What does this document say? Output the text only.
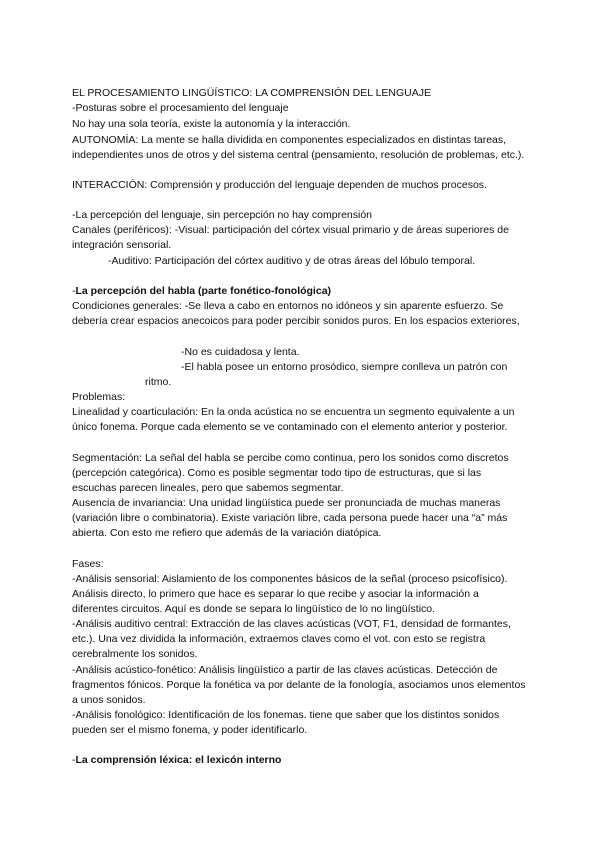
EL PROCESAMIENTO LINGÜÍSTICO: LA COMPRENSIÓN DEL LENGUAJE

-Posturas sobre el procesamiento del lenguaje

No hay una sola teoría, existe la autonomía y la interacción.

AUTONOMÍA: La mente se halla dividida en componentes especializados en distintas tareas, independientes unos de otros y del sistema central (pensamiento, resolución de problemas, etc.).

INTERACCIÓN: Comprensión y producción del lenguaje dependen de muchos procesos.

-La percepción del lenguaje, sin percepción no hay comprensión

Canales (periféricos): -Visual: participación del córtex visual primario y de áreas superiores de integración sensorial.

-Auditivo: Participación del córtex auditivo y de otras áreas del lóbulo temporal.

-La percepción del habla (parte fonético-fonológica)

Condiciones generales: -Se lleva a cabo en entornos no idóneos y sin aparente esfuerzo. Se debería crear espacios anecoicos para poder percibir sonidos puros. En los espacios exteriores,

-No es cuidadosa y lenta.

-El habla posee un entorno prosódico, siempre conlleva un patrón con

ritmo.

Problemas:

Linealidad y coarticulación: En la onda acústica no se encuentra un segmento equivalente a un único fonema. Porque cada elemento se ve contaminado con el elemento anterior y posterior.

Segmentación: La señal del habla se percibe como continua, pero los sonidos como discretos (percepción categórica). Como es posible segmentar todo tipo de estructuras, que si las escuchas parecen lineales, pero que sabemos segmentar.

Ausencia de invariancia: Una unidad lingüística puede ser pronunciada de muchas maneras (variación libre o combinatoria). Existe variación libre, cada persona puede hacer una “a” más abierta. Con esto me refiero que además de la variación diatópica.

Fases:

-Análisis sensorial: Aislamiento de los componentes básicos de la señal (proceso psicofísico). Análisis directo, lo primero que hace es separar lo que recibe y asociar la información a diferentes circuitos. Aquí es donde se separa lo lingüístico de lo no lingüístico.

-Análisis auditivo central: Extracción de las claves acústicas (VOT, F1, densidad de formantes, etc.). Una vez dividida la información, extraemos claves como el vot. con esto se registra cerebralmente los sonidos.

-Análisis acústico-fonético: Análisis lingüístico a partir de las claves acústicas. Detección de fragmentos fónicos. Porque la fonética va por delante de la fonología, asociamos unos elementos a unos sonidos.

-Análisis fonológico: Identificación de los fonemas. tiene que saber que los distintos sonidos pueden ser el mismo fonema, y poder identificarlo.

-La comprensión léxica: el lexicón interno
